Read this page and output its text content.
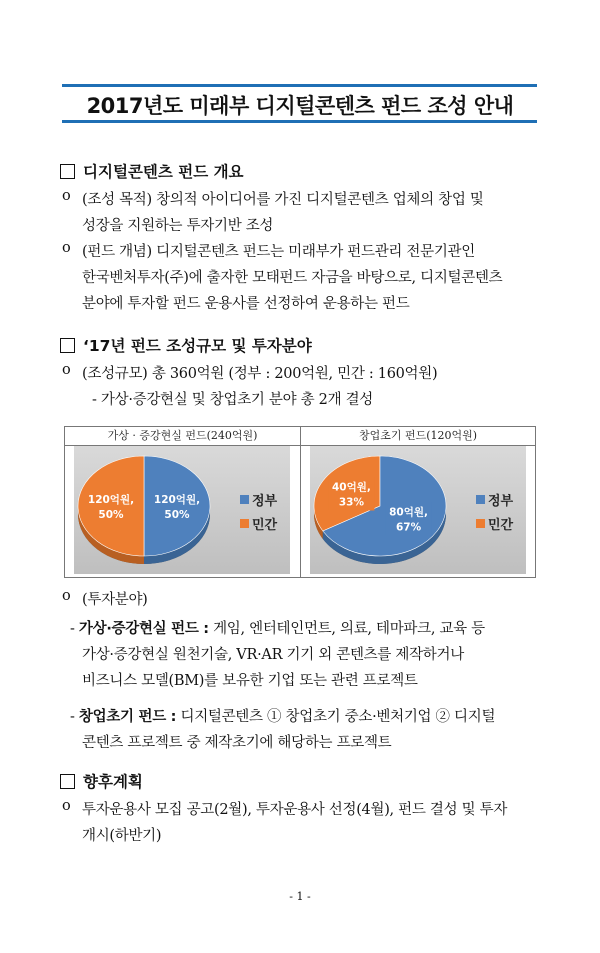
2017년도 미래부 디지털콘텐츠 펀드 조성 안내
디지털콘텐츠 펀드 개요
o (조성 목적) 창의적 아이디어를 가진 디지털콘텐츠 업체의 창업 및
성장을 지원하는 투자기반 조성
o (펀드 개념) 디지털콘텐츠 펀드는 미래부가 펀드관리 전문기관인
한국벤처투자(주)에 출자한 모태펀드 자금을 바탕으로, 디지털콘텐츠
분야에 투자할 펀드 운용사를 선정하여 운용하는 펀드
‘17년 펀드 조성규모 및 투자분야
o (조성규모) 총 360억원 (정부 : 200억원, 민간 : 160억원)
- 가상·증강현실 및 창업초기 분야 총 2개 결성
가상 · 증강현실 펀드(240억원)	창업초기 펀드(120억원)
120억원,
50%
120억원,
50%
정부
민간
40억원,
33%
80억원,
67%
정부
민간
o (투자분야)
- 가상·증강현실 펀드 : 게임, 엔터테인먼트, 의료, 테마파크, 교육 등
가상·증강현실 원천기술, VR·AR 기기 외 콘텐츠를 제작하거나
비즈니스 모델(BM)를 보유한 기업 또는 관련 프로젝트
- 창업초기 펀드 : 디지털콘텐츠 ① 창업초기 중소·벤처기업 ② 디지털
콘텐츠 프로젝트 중 제작초기에 해당하는 프로젝트
향후계획
o 투자운용사 모집 공고(2월), 투자운용사 선정(4월), 펀드 결성 및 투자
개시(하반기)
- 1 -
